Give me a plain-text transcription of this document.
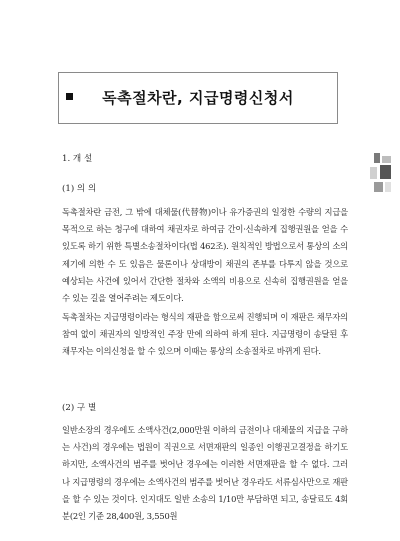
독촉절차란, 지급명령신청서
1. 개 설
(1) 의 의

독촉절차란 금전, 그 밖에 대체물(代替物)이나 유가증권의 일정한 수량의 지급을 목적으로 하는 청구에 대하여 채권자로 하여금 간이·신속하게 집행권원을 얻을 수 있도록 하기 위한 특별소송절차이다(법 462조). 원칙적인 방법으로서 통상의 소의 제기에 의한 수 도 있음은 물론이나 상대방이 채권의 존부를 다투지 않을 것으로 예상되는 사건에 있어서 간단한 절차와 소액의 비용으로 신속히 집행권원을 얻을 수 있는 길을 열어주려는 제도이다.

독촉절차는 지급명령이라는 형식의 재판을 함으로써 진행되며 이 재판은 채무자의 참여 없이 채권자의 일방적인 주장 만에 의하여 하게 된다. 지급명령이 송달된 후 채무자는 이의신청을 할 수 있으며 이때는 통상의 소송절차로 바뀌게 된다.

(2) 구 별

일반소장의 경우에도 소액사건(2,000만원 이하의 금전이나 대체물의 지급을 구하는 사건)의 경우에는 법원이 직권으로 서면재판의 일종인 이행권고결정을 하기도 하지만, 소액사건의 범주를 벗어난 경우에는 이러한 서면재판을 할 수 없다. 그러나 지급명령의 경우에는 소액사건의 범주를 벗어난 경우라도 서류심사만으로 재판을 할 수 있는 것이다. 인지대도 일반 소송의 1/10만 부담하면 되고, 송달료도 4회분(2인 기준 28,400원, 3,550원
